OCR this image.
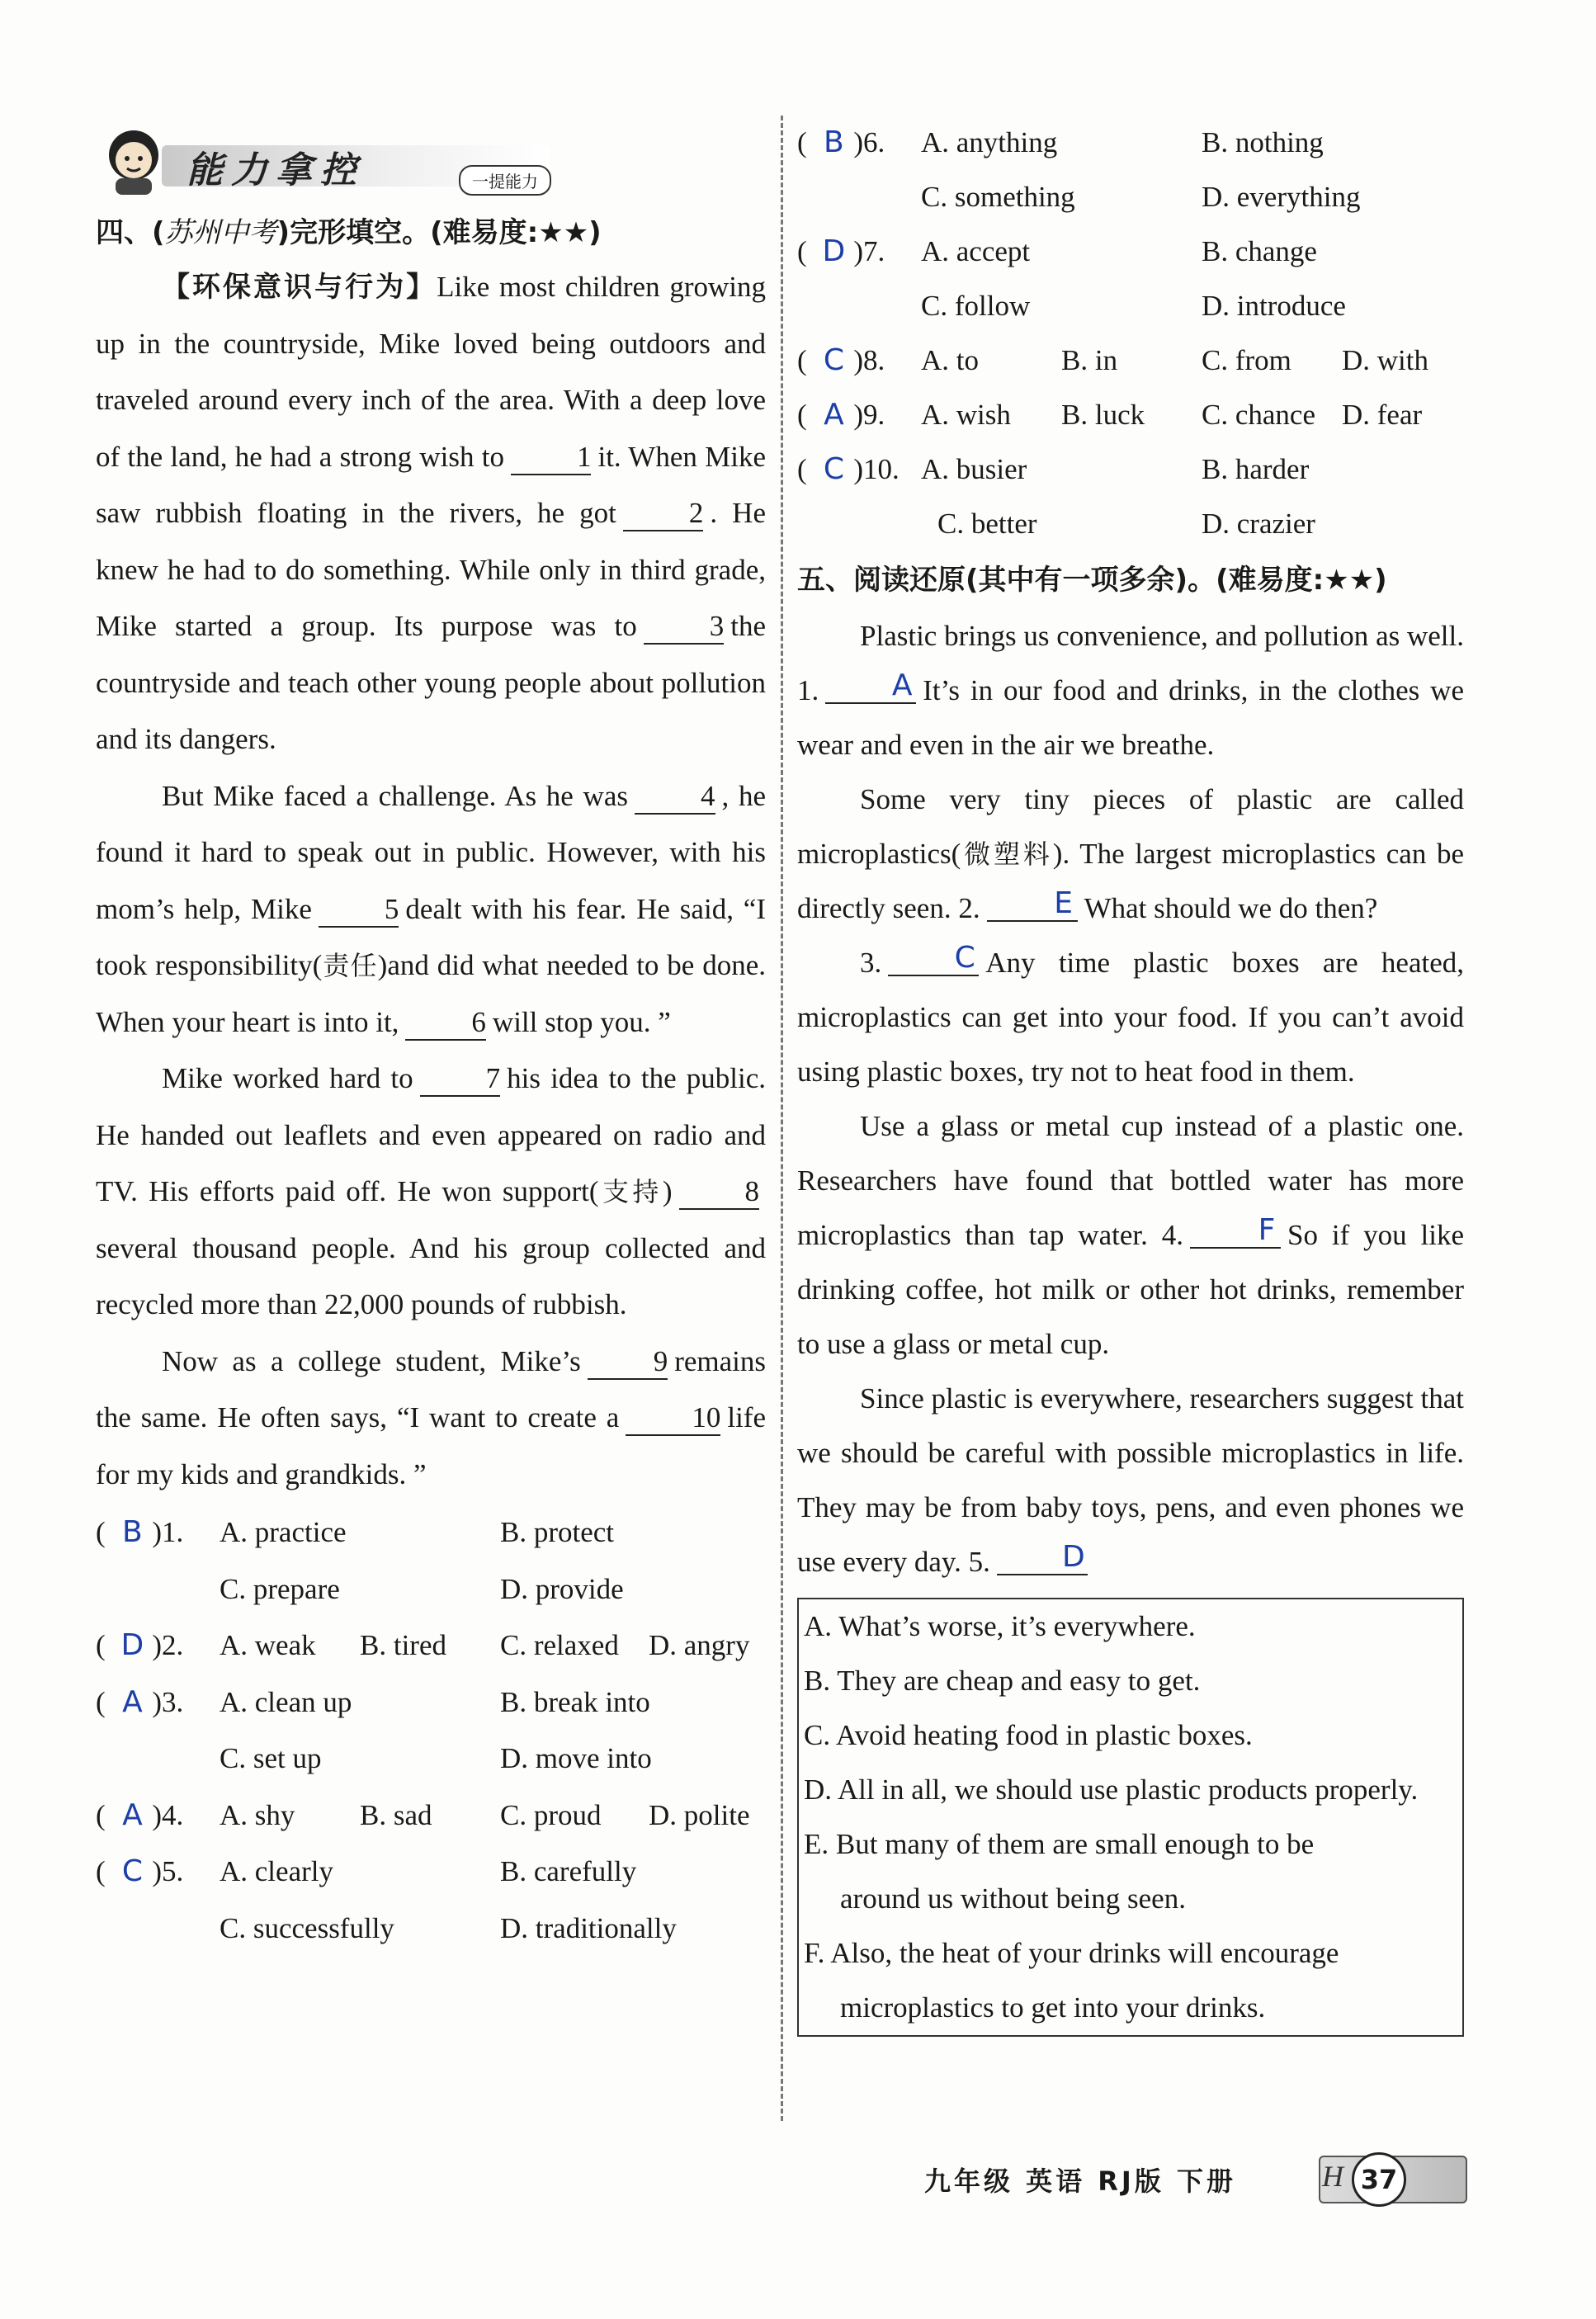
能力拿控	一提能力

四、(苏州中考)完形填空。(难易度:★★)

【环保意识与行为】Like most children growing up in the countryside, Mike loved being outdoors and traveled around every inch of the area. With a deep love of the land, he had a strong wish to	1 it. When Mike saw rubbish floating in the rivers, he got	2 . He knew he had to do something. While only in third grade, Mike started a group. Its purpose was to	3 the countryside and teach other young people about pollution and its dangers.

But Mike faced a challenge. As he was	4 , he found it hard to speak out in public. However, with his mom’s help, Mike	5 dealt with his fear. He said, “I took responsibility(责任)and did what needed to be done. When your heart is into it,	6 will stop you. ”

Mike worked hard to	7 his idea to the public. He handed out leaflets and even appeared on radio and TV. His efforts paid off. He won support(支持)	8several thousand people. And his group collected and recycled more than 22,000 pounds of rubbish.

Now as a college student, Mike’s	9 remains the same. He often says, “I want to create a	10 life for my kids and grandkids. ”

( B )1.	A. practice	B. protect
C. prepare	D. provide
( D )2.	A. weak	B. tired	C. relaxed	D. angry
( A )3.	A. clean up	B. break into
C. set up	D. move into
( A )4.	A. shy	B. sad	C. proud	D. polite
( C )5.	A. clearly	B. carefully
C. successfully	D. traditionally
( B )6.	A. anything	B. nothing
C. something	D. everything
( D )7.	A. accept	B. change
C. follow	D. introduce
( C )8.	A. to	B. in	C. from	D. with
( A )9.	A. wish	B. luck	C. chance D. fear
( C )10. A. busier	B. harder
C. better	D. crazier

五、阅读还原(其中有一项多余)。(难易度:★★)

Plastic brings us convenience, and pollution as well. 1. A It’s in our food and drinks, in the clothes we wear and even in the air we breathe.

Some very tiny pieces of plastic are called microplastics(微塑料). The largest microplastics can be directly seen. 2. E What should we do then?

3. C Any time plastic boxes are heated, microplastics can get into your food. If you can’t avoid using plastic boxes, try not to heat food in them.

Use a glass or metal cup instead of a plastic one. Researchers have found that bottled water has more microplastics than tap water. 4.	F So if you like drinking coffee, hot milk or other hot drinks, remember to use a glass or metal cup.

Since plastic is everywhere, researchers suggest that we should be careful with possible microplastics in life. They may be from baby toys, pens, and even phones we use every day. 5. D

A. What’s worse, it’s everywhere.
B. They are cheap and easy to get.
C. Avoid heating food in plastic boxes.
D. All in all, we should use plastic products properly.
E. But many of them are small enough to be
around us without being seen.
F. Also, the heat of your drinks will encourage
microplastics to get into your drinks.
九年级 英语 RJ版 下册	H 37
